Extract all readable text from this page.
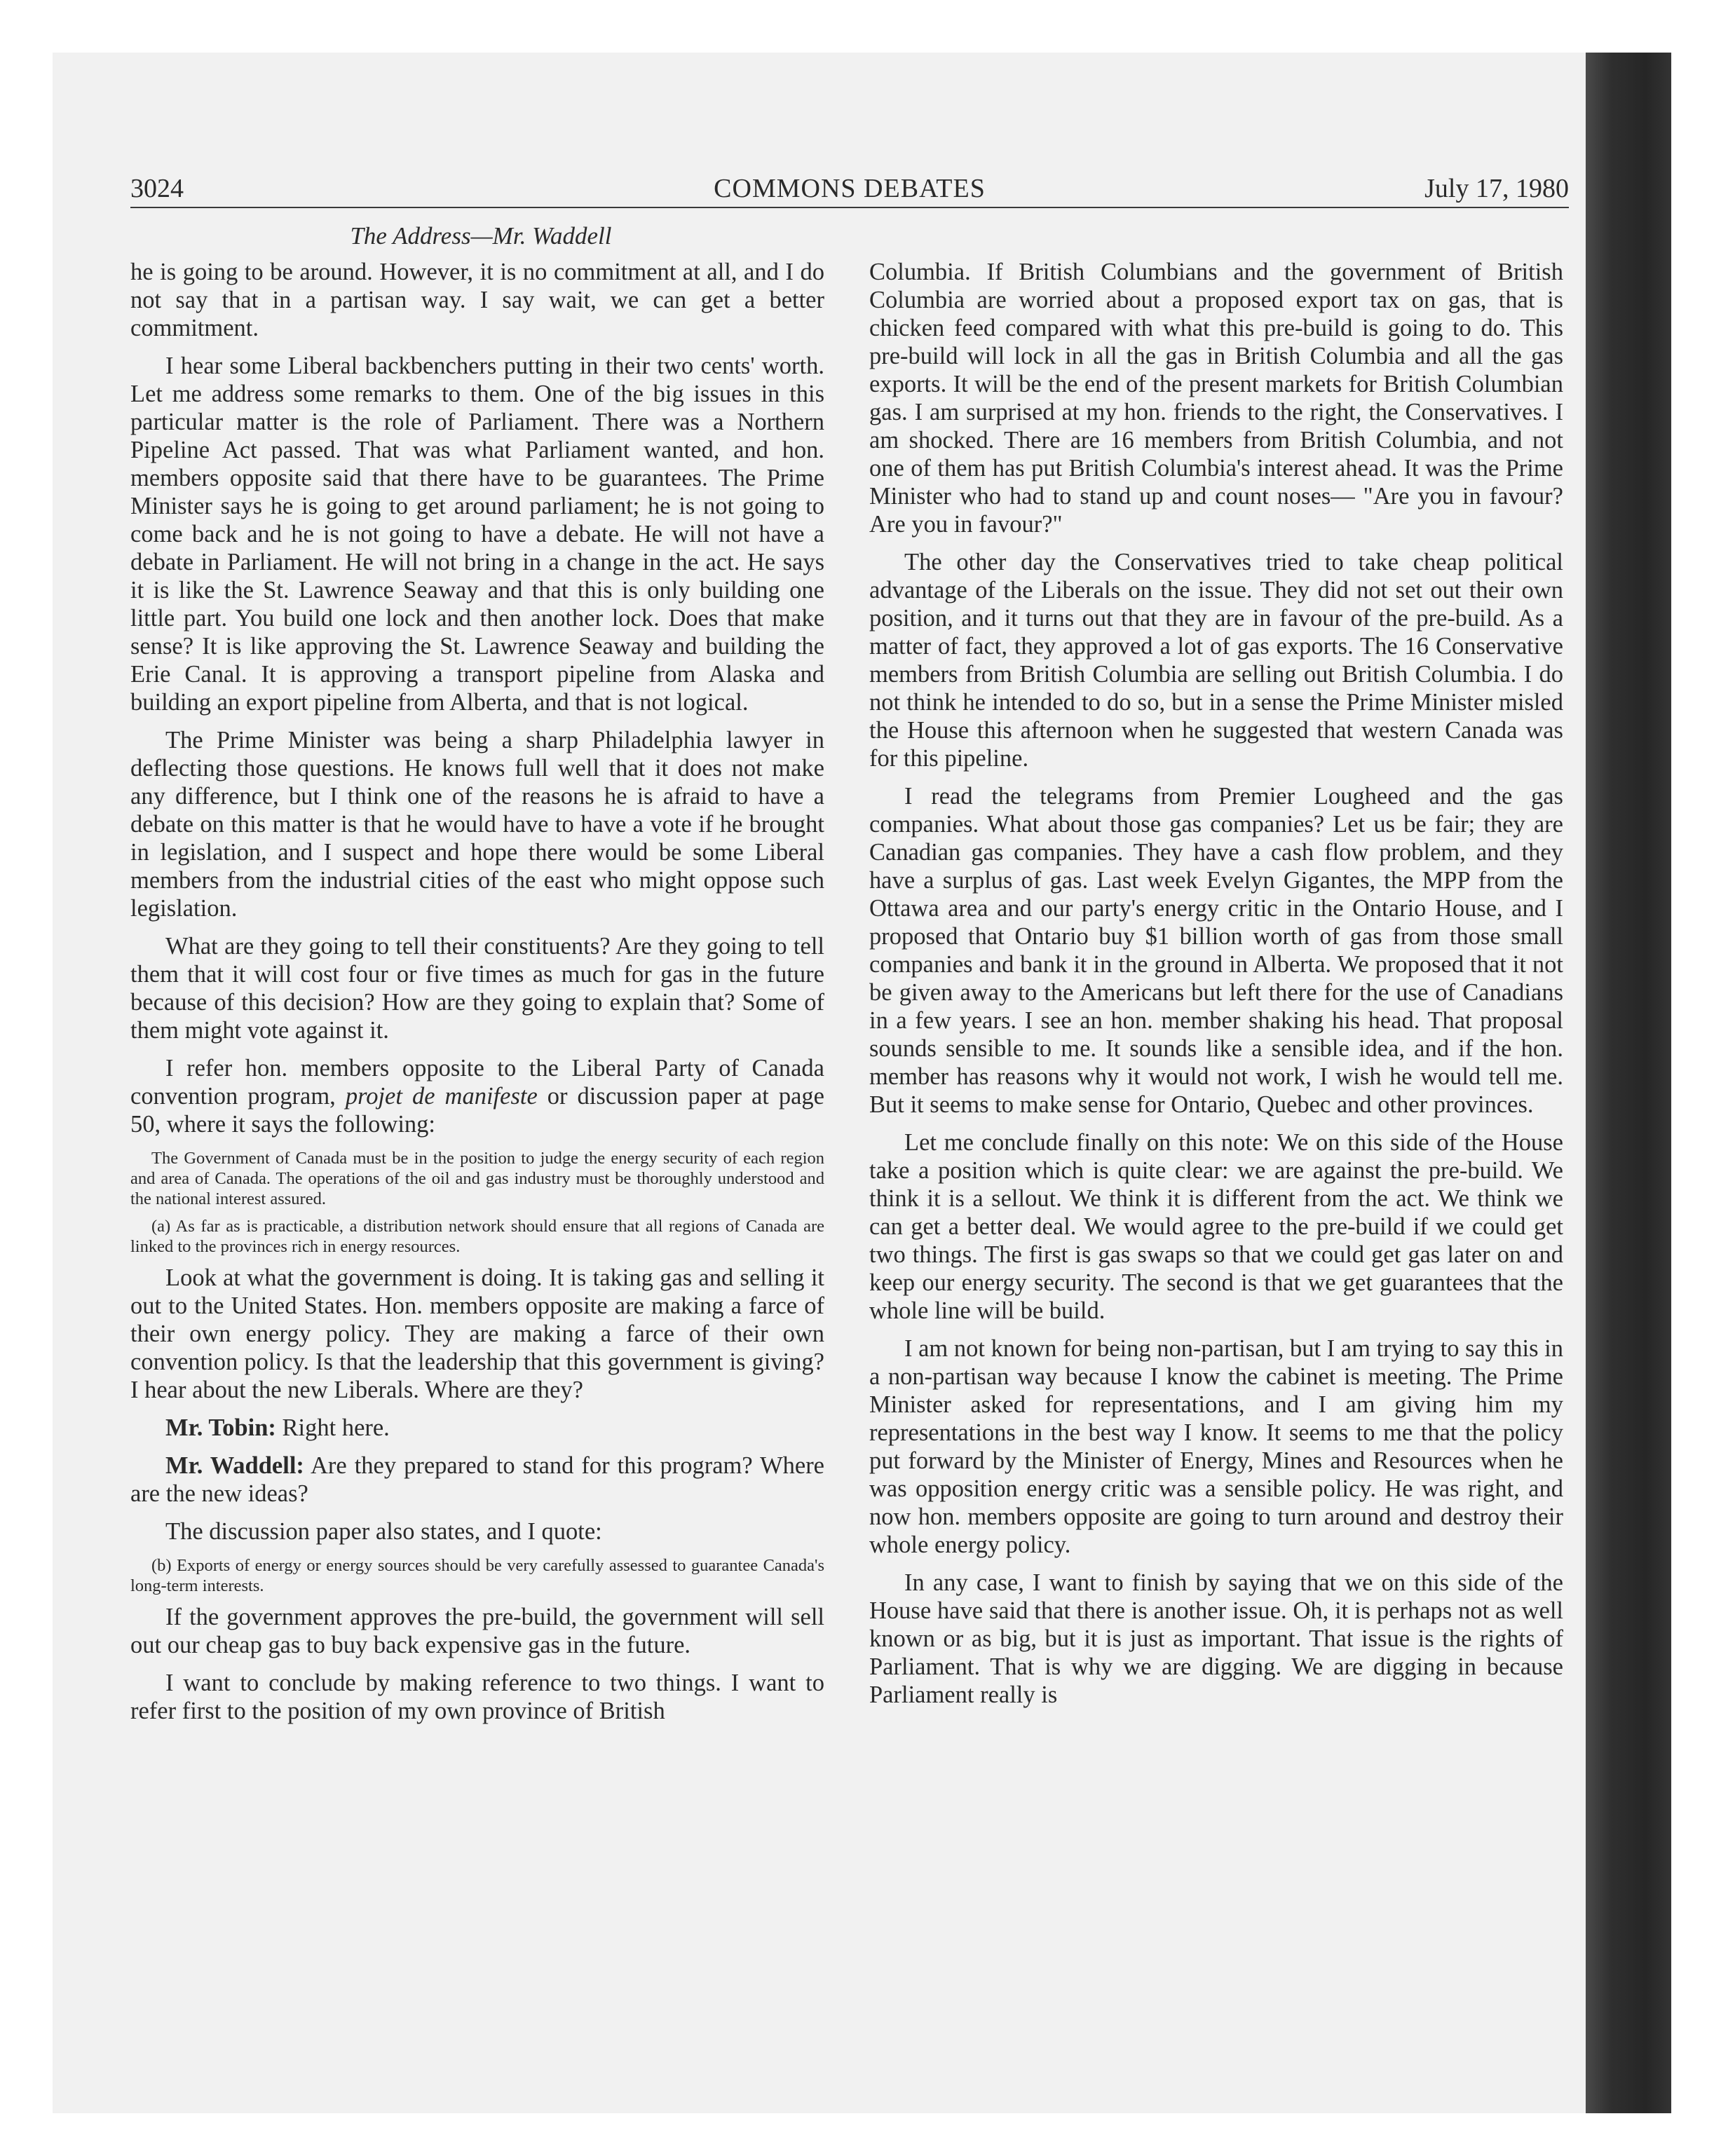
3024	COMMONS DEBATES	July 17, 1980
The Address—Mr. Waddell

he is going to be around. However, it is no commitment at all, and I do not say that in a partisan way. I say wait, we can get a better commitment.

I hear some Liberal backbenchers putting in their two cents' worth. Let me address some remarks to them. One of the big issues in this particular matter is the role of Parliament. There was a Northern Pipeline Act passed. That was what Parliament wanted, and hon. members opposite said that there have to be guarantees. The Prime Minister says he is going to get around parliament; he is not going to come back and he is not going to have a debate. He will not have a debate in Parliament. He will not bring in a change in the act. He says it is like the St. Lawrence Seaway and that this is only building one little part. You build one lock and then another lock. Does that make sense? It is like approving the St. Lawrence Seaway and building the Erie Canal. It is approving a transport pipeline from Alaska and building an export pipeline from Alberta, and that is not logical.

The Prime Minister was being a sharp Philadelphia lawyer in deflecting those questions. He knows full well that it does not make any difference, but I think one of the reasons he is afraid to have a debate on this matter is that he would have to have a vote if he brought in legislation, and I suspect and hope there would be some Liberal members from the industrial cities of the east who might oppose such legislation.

What are they going to tell their constituents? Are they going to tell them that it will cost four or five times as much for gas in the future because of this decision? How are they going to explain that? Some of them might vote against it.

I refer hon. members opposite to the Liberal Party of Canada convention program, projet de manifeste or discussion paper at page 50, where it says the following:

The Government of Canada must be in the position to judge the energy security of each region and area of Canada. The operations of the oil and gas industry must be thoroughly understood and the national interest assured.

(a) As far as is practicable, a distribution network should ensure that all regions of Canada are linked to the provinces rich in energy resources.

Look at what the government is doing. It is taking gas and selling it out to the United States. Hon. members opposite are making a farce of their own energy policy. They are making a farce of their own convention policy. Is that the leadership that this government is giving? I hear about the new Liberals. Where are they?

Mr. Tobin: Right here.

Mr. Waddell: Are they prepared to stand for this program? Where are the new ideas?

The discussion paper also states, and I quote:

(b) Exports of energy or energy sources should be very carefully assessed to guarantee Canada's long-term interests.

If the government approves the pre-build, the government will sell out our cheap gas to buy back expensive gas in the future.

I want to conclude by making reference to two things. I want to refer first to the position of my own province of British

Columbia. If British Columbians and the government of British Columbia are worried about a proposed export tax on gas, that is chicken feed compared with what this pre-build is going to do. This pre-build will lock in all the gas in British Columbia and all the gas exports. It will be the end of the present markets for British Columbian gas. I am surprised at my hon. friends to the right, the Conservatives. I am shocked. There are 16 members from British Columbia, and not one of them has put British Columbia's interest ahead. It was the Prime Minister who had to stand up and count noses— "Are you in favour? Are you in favour?"

The other day the Conservatives tried to take cheap political advantage of the Liberals on the issue. They did not set out their own position, and it turns out that they are in favour of the pre-build. As a matter of fact, they approved a lot of gas exports. The 16 Conservative members from British Columbia are selling out British Columbia. I do not think he intended to do so, but in a sense the Prime Minister misled the House this afternoon when he suggested that western Canada was for this pipeline.

I read the telegrams from Premier Lougheed and the gas companies. What about those gas companies? Let us be fair; they are Canadian gas companies. They have a cash flow problem, and they have a surplus of gas. Last week Evelyn Gigantes, the MPP from the Ottawa area and our party's energy critic in the Ontario House, and I proposed that Ontario buy $1 billion worth of gas from those small companies and bank it in the ground in Alberta. We proposed that it not be given away to the Americans but left there for the use of Canadians in a few years. I see an hon. member shaking his head. That proposal sounds sensible to me. It sounds like a sensible idea, and if the hon. member has reasons why it would not work, I wish he would tell me. But it seems to make sense for Ontario, Quebec and other provinces.

Let me conclude finally on this note: We on this side of the House take a position which is quite clear: we are against the pre-build. We think it is a sellout. We think it is different from the act. We think we can get a better deal. We would agree to the pre-build if we could get two things. The first is gas swaps so that we could get gas later on and keep our energy security. The second is that we get guarantees that the whole line will be build.

I am not known for being non-partisan, but I am trying to say this in a non-partisan way because I know the cabinet is meeting. The Prime Minister asked for representations, and I am giving him my representations in the best way I know. It seems to me that the policy put forward by the Minister of Energy, Mines and Resources when he was opposition energy critic was a sensible policy. He was right, and now hon. members opposite are going to turn around and destroy their whole energy policy.

In any case, I want to finish by saying that we on this side of the House have said that there is another issue. Oh, it is perhaps not as well known or as big, but it is just as important. That issue is the rights of Parliament. That is why we are digging. We are digging in because Parliament really is
